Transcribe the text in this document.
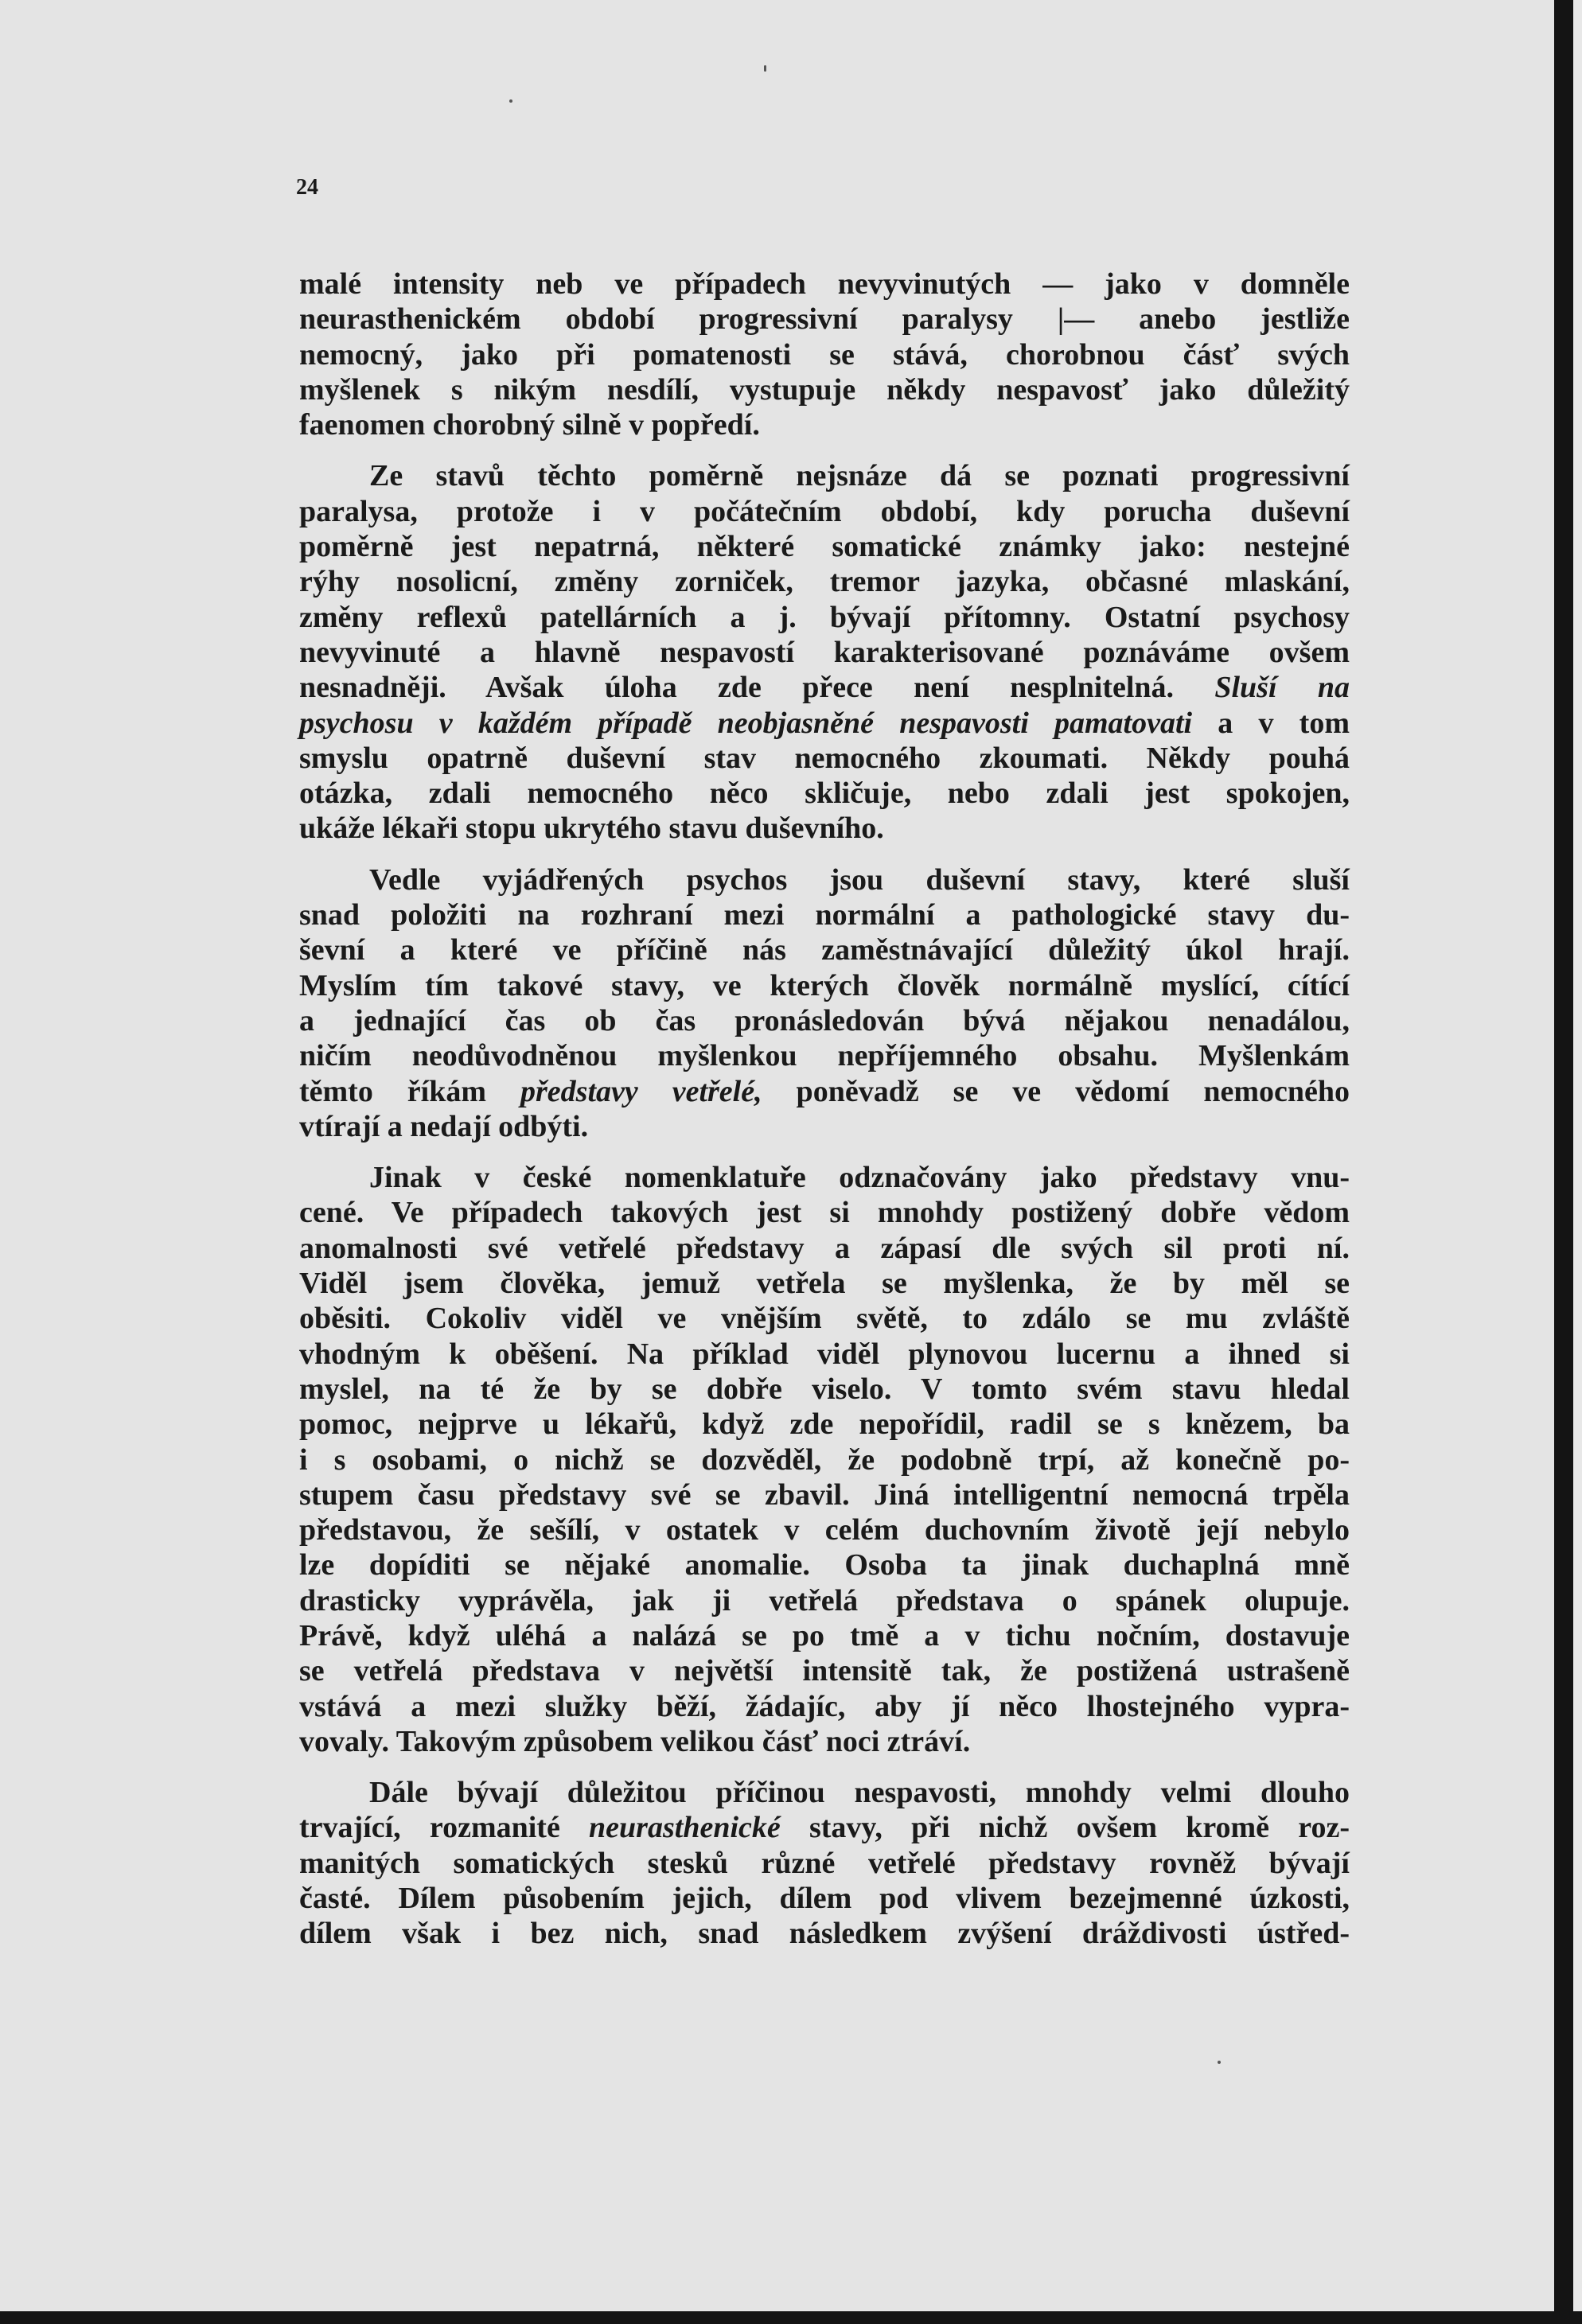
24
malé intensity neb ve případech nevyvinutých — jako v domněle
neurasthenickém období progressivní paralysy |— anebo jestliže
nemocný, jako při pomatenosti se stává, chorobnou čásť svých
myšlenek s nikým nesdílí, vystupuje někdy nespavosť jako důležitý
faenomen chorobný silně v popředí.
Ze stavů těchto poměrně nejsnáze dá se poznati progressivní
paralysa, protože i v počátečním období, kdy porucha duševní
poměrně jest nepatrná, některé somatické známky jako: nestejné
rýhy nosolicní, změny zorniček, tremor jazyka, občasné mlaskání,
změny reflexů patellárních a j. bývají přítomny. Ostatní psychosy
nevyvinuté a hlavně nespavostí karakterisované poznáváme ovšem
nesnadněji. Avšak úloha zde přece není nesplnitelná. Sluší na
psychosu v každém případě neobjasněné nespavosti pamatovati a v tom
smyslu opatrně duševní stav nemocného zkoumati. Někdy pouhá
otázka, zdali nemocného něco skličuje, nebo zdali jest spokojen,
ukáže lékaři stopu ukrytého stavu duševního.
Vedle vyjádřených psychos jsou duševní stavy, které sluší
snad položiti na rozhraní mezi normální a pathologické stavy du-
ševní a které ve příčině nás zaměstnávající důležitý úkol hrají.
Myslím tím takové stavy, ve kterých člověk normálně myslící, cítící
a jednající čas ob čas pronásledován bývá nějakou nenadálou,
ničím neodůvodněnou myšlenkou nepříjemného obsahu. Myšlenkám
těmto říkám představy vetřelé, poněvadž se ve vědomí nemocného
vtírají a nedají odbýti.
Jinak v české nomenklatuře odznačovány jako představy vnu-
cené. Ve případech takových jest si mnohdy postižený dobře vědom
anomalnosti své vetřelé představy a zápasí dle svých sil proti ní.
Viděl jsem člověka, jemuž vetřela se myšlenka, že by měl se
oběsiti. Cokoliv viděl ve vnějším světě, to zdálo se mu zvláště
vhodným k oběšení. Na příklad viděl plynovou lucernu a ihned si
myslel, na té že by se dobře viselo. V tomto svém stavu hledal
pomoc, nejprve u lékařů, když zde nepořídil, radil se s knězem, ba
i s osobami, o nichž se dozvěděl, že podobně trpí, až konečně po-
stupem času představy své se zbavil. Jiná intelligentní nemocná trpěla
představou, že sešílí, v ostatek v celém duchovním životě její nebylo
lze dopíditi se nějaké anomalie. Osoba ta jinak duchaplná mně
drasticky vyprávěla, jak ji vetřelá představa o spánek olupuje.
Právě, když uléhá a nalázá se po tmě a v tichu nočním, dostavuje
se vetřelá představa v největší intensitě tak, že postižená ustrašeně
vstává a mezi služky běží, žádajíc, aby jí něco lhostejného vypra-
vovaly. Takovým způsobem velikou čásť noci ztráví.
Dále bývají důležitou příčinou nespavosti, mnohdy velmi dlouho
trvající, rozmanité neurasthenické stavy, při nichž ovšem kromě roz-
manitých somatických stesků různé vetřelé představy rovněž bývají
časté. Dílem působením jejich, dílem pod vlivem bezejmenné úzkosti,
dílem však i bez nich, snad následkem zvýšení dráždivosti ústřed-
